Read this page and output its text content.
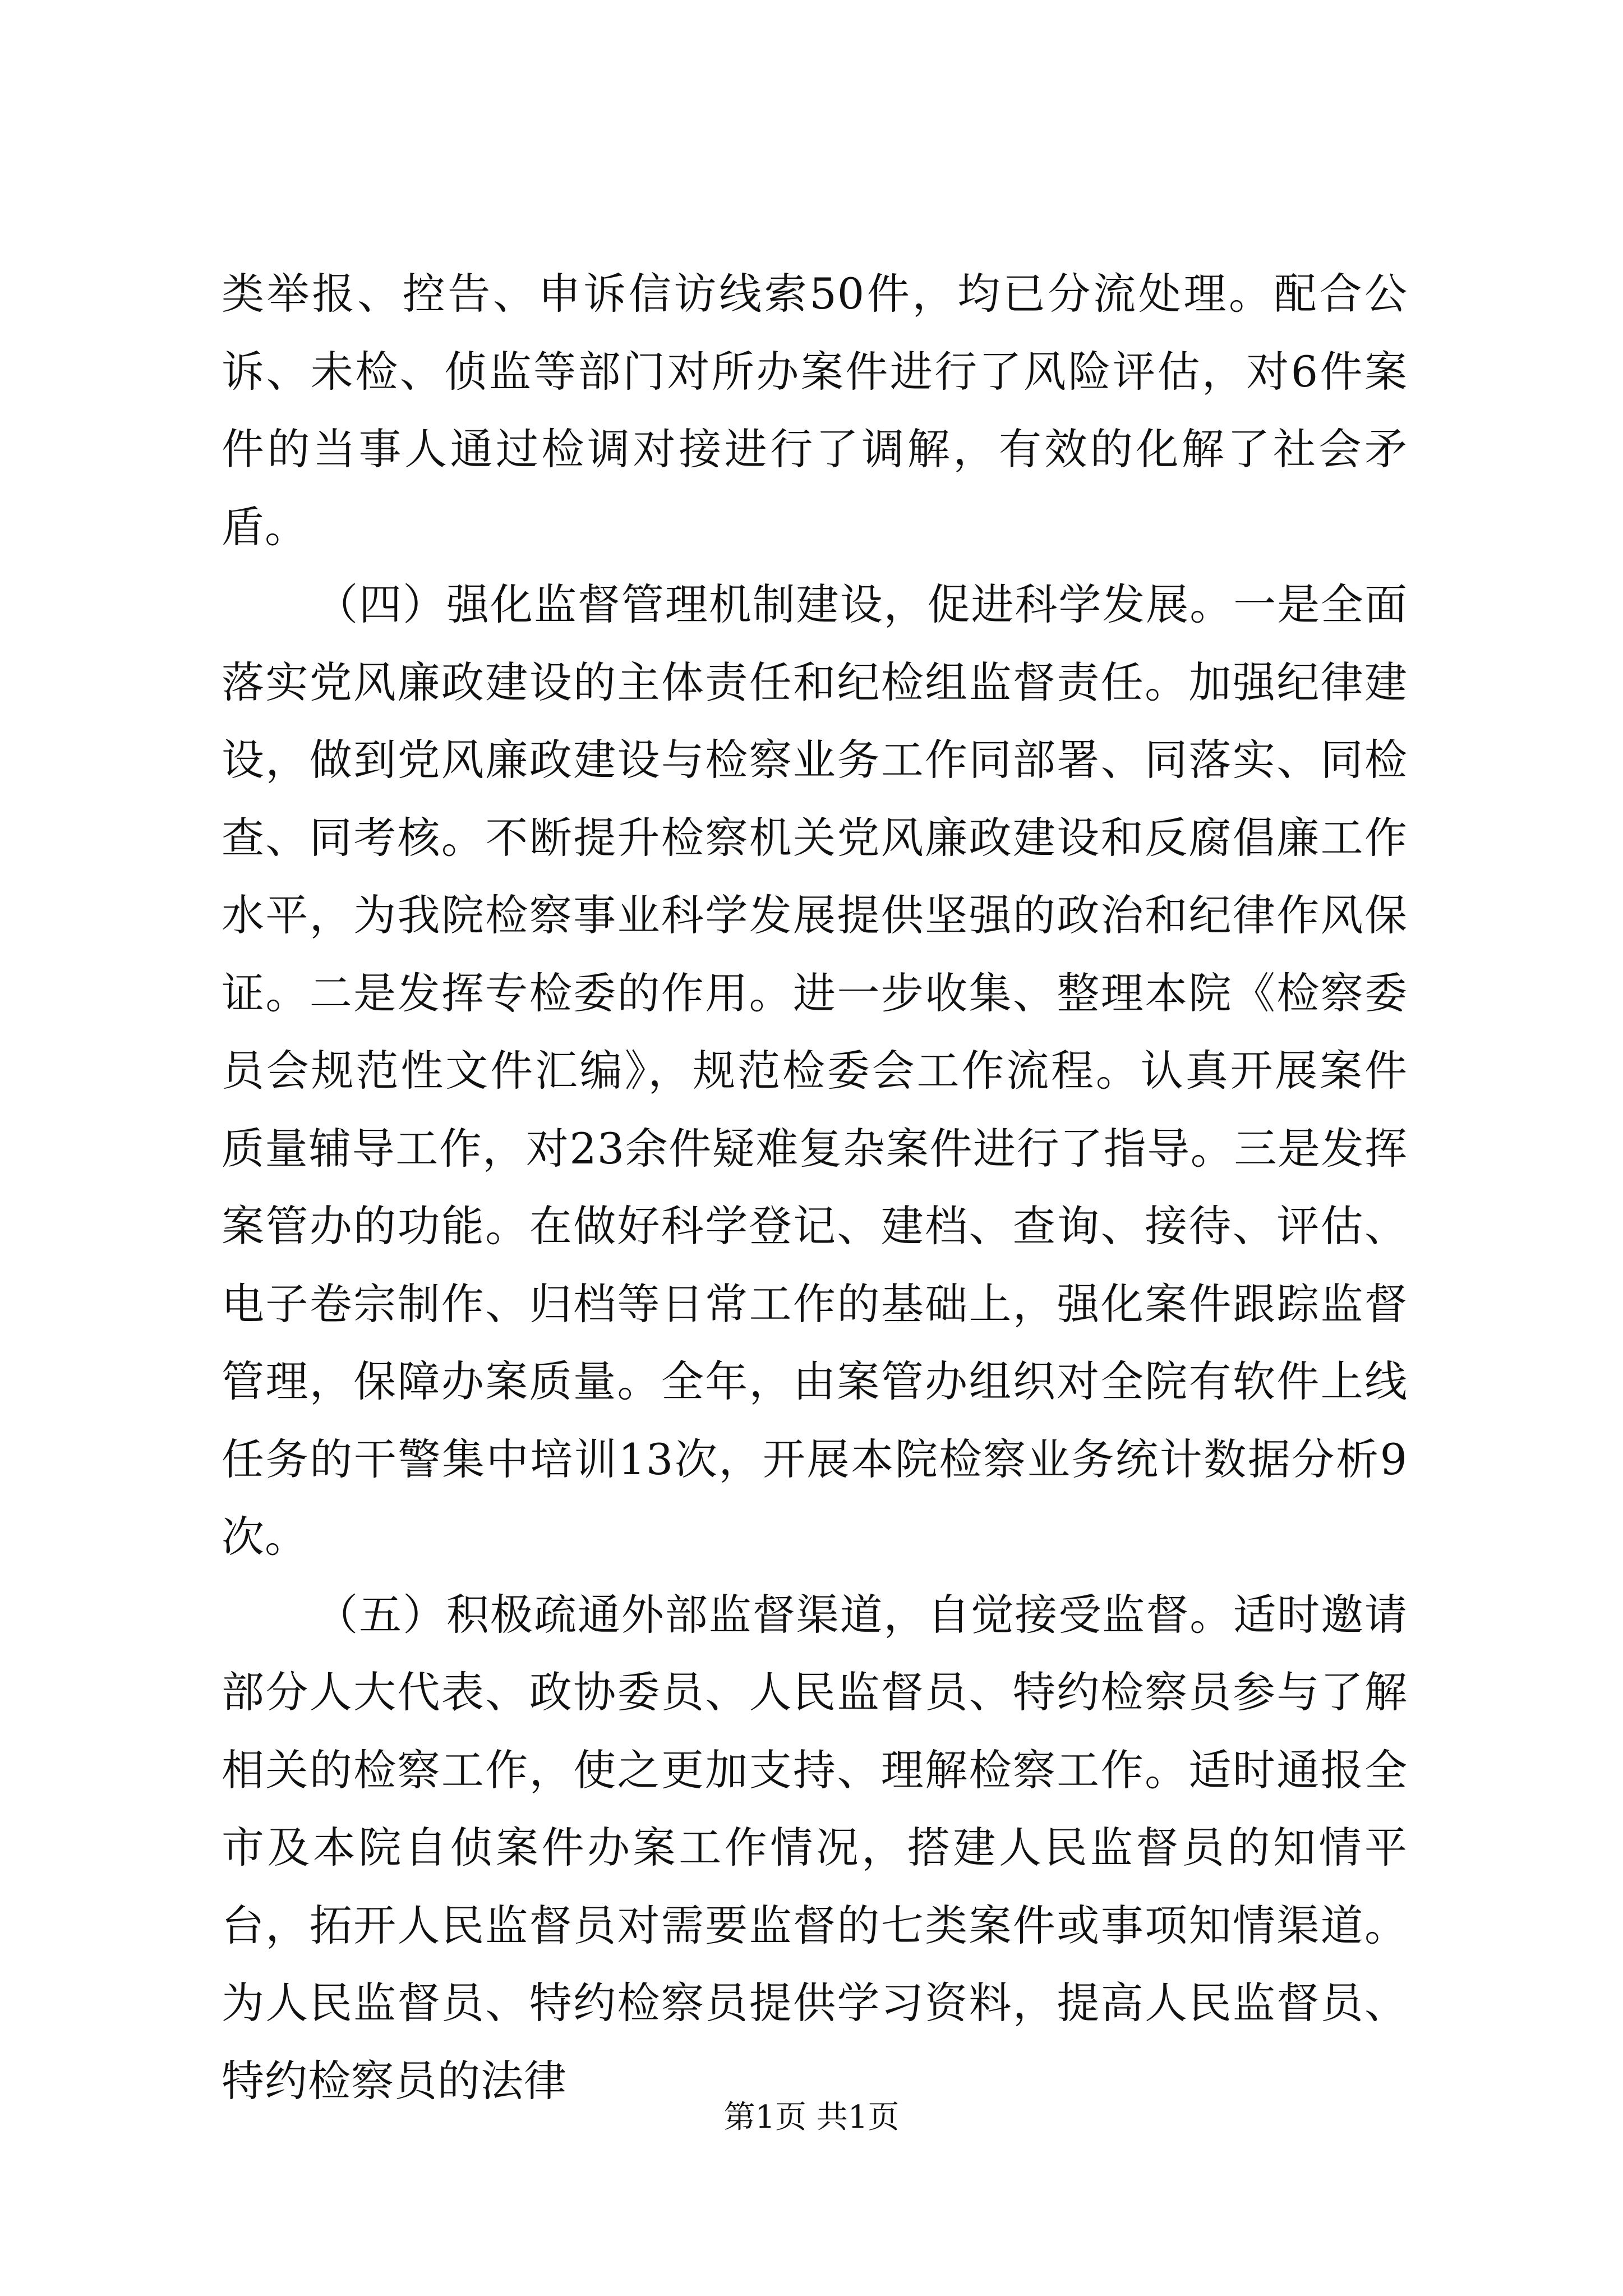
类举报、控告、申诉信访线索50件，均已分流处理。配合公诉、未检、侦监等部门对所办案件进行了风险评估，对6件案件的当事人通过检调对接进行了调解，有效的化解了社会矛盾。

（四）强化监督管理机制建设，促进科学发展。一是全面落实党风廉政建设的主体责任和纪检组监督责任。加强纪律建设，做到党风廉政建设与检察业务工作同部署、同落实、同检查、同考核。不断提升检察机关党风廉政建设和反腐倡廉工作水平，为我院检察事业科学发展提供坚强的政治和纪律作风保证。二是发挥专检委的作用。进一步收集、整理本院《检察委员会规范性文件汇编》，规范检委会工作流程。认真开展案件质量辅导工作，对23余件疑难复杂案件进行了指导。三是发挥案管办的功能。在做好科学登记、建档、查询、接待、评估、电子卷宗制作、归档等日常工作的基础上，强化案件跟踪监督管理，保障办案质量。全年，由案管办组织对全院有软件上线任务的干警集中培训13次，开展本院检察业务统计数据分析9次。

（五）积极疏通外部监督渠道，自觉接受监督。适时邀请部分人大代表、政协委员、人民监督员、特约检察员参与了解相关的检察工作，使之更加支持、理解检察工作。适时通报全市及本院自侦案件办案工作情况，搭建人民监督员的知情平台，拓开人民监督员对需要监督的七类案件或事项知情渠道。为人民监督员、特约检察员提供学习资料，提高人民监督员、特约检察员的法律

第1页 共1页
